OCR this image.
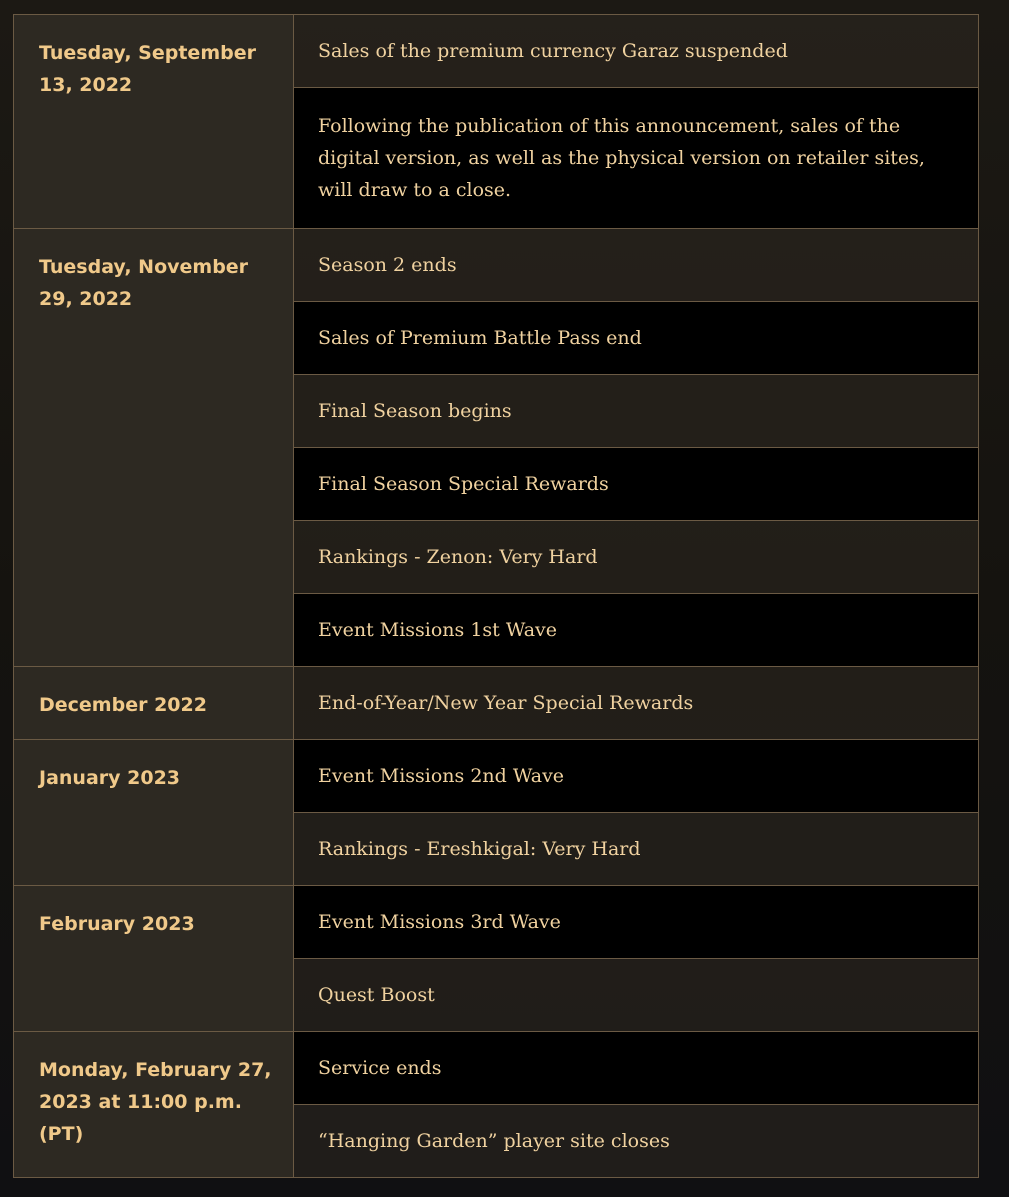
Tuesday, September 13, 2022	Sales of the premium currency Garaz suspended
	Following the publication of this announcement, sales of the digital version, as well as the physical version on retailer sites, will draw to a close.
Tuesday, November 29, 2022	Season 2 ends
	Sales of Premium Battle Pass end
	Final Season begins
	Final Season Special Rewards
	Rankings - Zenon: Very Hard
	Event Missions 1st Wave
December 2022	End-of-Year/New Year Special Rewards
January 2023	Event Missions 2nd Wave
	Rankings - Ereshkigal: Very Hard
February 2023	Event Missions 3rd Wave
	Quest Boost
Monday, February 27, 2023 at 11:00 p.m. (PT)	Service ends
	“Hanging Garden” player site closes
